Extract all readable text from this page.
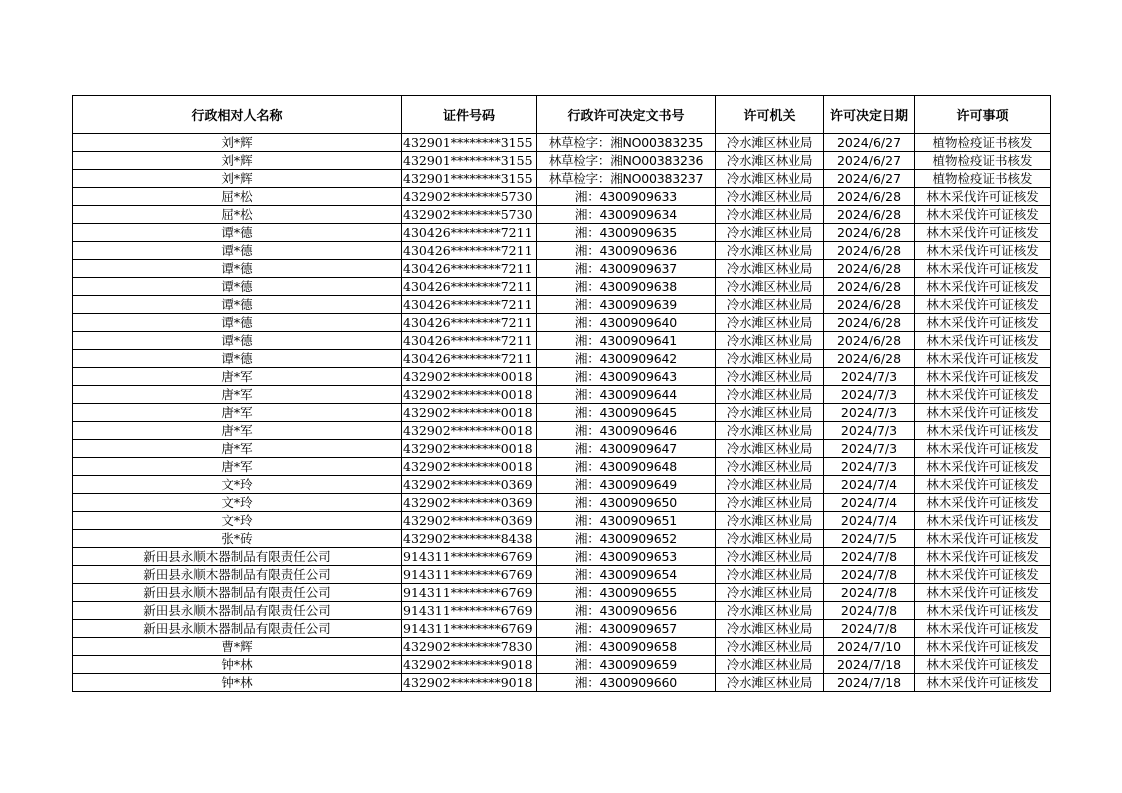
行政相对人名称	证件号码	行政许可决定文书号	许可机关	许可决定日期	许可事项
刘*辉	432901********3155	林草检字：湘NO00383235	冷水滩区林业局	2024/6/27	植物检疫证书核发
刘*辉	432901********3155	林草检字：湘NO00383236	冷水滩区林业局	2024/6/27	植物检疫证书核发
刘*辉	432901********3155	林草检字：湘NO00383237	冷水滩区林业局	2024/6/27	植物检疫证书核发
屈*松	432902********5730	湘：4300909633	冷水滩区林业局	2024/6/28	林木采伐许可证核发
屈*松	432902********5730	湘：4300909634	冷水滩区林业局	2024/6/28	林木采伐许可证核发
谭*德	430426********7211	湘：4300909635	冷水滩区林业局	2024/6/28	林木采伐许可证核发
谭*德	430426********7211	湘：4300909636	冷水滩区林业局	2024/6/28	林木采伐许可证核发
谭*德	430426********7211	湘：4300909637	冷水滩区林业局	2024/6/28	林木采伐许可证核发
谭*德	430426********7211	湘：4300909638	冷水滩区林业局	2024/6/28	林木采伐许可证核发
谭*德	430426********7211	湘：4300909639	冷水滩区林业局	2024/6/28	林木采伐许可证核发
谭*德	430426********7211	湘：4300909640	冷水滩区林业局	2024/6/28	林木采伐许可证核发
谭*德	430426********7211	湘：4300909641	冷水滩区林业局	2024/6/28	林木采伐许可证核发
谭*德	430426********7211	湘：4300909642	冷水滩区林业局	2024/6/28	林木采伐许可证核发
唐*军	432902********0018	湘：4300909643	冷水滩区林业局	2024/7/3	林木采伐许可证核发
唐*军	432902********0018	湘：4300909644	冷水滩区林业局	2024/7/3	林木采伐许可证核发
唐*军	432902********0018	湘：4300909645	冷水滩区林业局	2024/7/3	林木采伐许可证核发
唐*军	432902********0018	湘：4300909646	冷水滩区林业局	2024/7/3	林木采伐许可证核发
唐*军	432902********0018	湘：4300909647	冷水滩区林业局	2024/7/3	林木采伐许可证核发
唐*军	432902********0018	湘：4300909648	冷水滩区林业局	2024/7/3	林木采伐许可证核发
文*玲	432902********0369	湘：4300909649	冷水滩区林业局	2024/7/4	林木采伐许可证核发
文*玲	432902********0369	湘：4300909650	冷水滩区林业局	2024/7/4	林木采伐许可证核发
文*玲	432902********0369	湘：4300909651	冷水滩区林业局	2024/7/4	林木采伐许可证核发
张*砖	432902********8438	湘：4300909652	冷水滩区林业局	2024/7/5	林木采伐许可证核发
新田县永顺木器制品有限责任公司	914311********6769	湘：4300909653	冷水滩区林业局	2024/7/8	林木采伐许可证核发
新田县永顺木器制品有限责任公司	914311********6769	湘：4300909654	冷水滩区林业局	2024/7/8	林木采伐许可证核发
新田县永顺木器制品有限责任公司	914311********6769	湘：4300909655	冷水滩区林业局	2024/7/8	林木采伐许可证核发
新田县永顺木器制品有限责任公司	914311********6769	湘：4300909656	冷水滩区林业局	2024/7/8	林木采伐许可证核发
新田县永顺木器制品有限责任公司	914311********6769	湘：4300909657	冷水滩区林业局	2024/7/8	林木采伐许可证核发
曹*辉	432902********7830	湘：4300909658	冷水滩区林业局	2024/7/10	林木采伐许可证核发
钟*林	432902********9018	湘：4300909659	冷水滩区林业局	2024/7/18	林木采伐许可证核发
钟*林	432902********9018	湘：4300909660	冷水滩区林业局	2024/7/18	林木采伐许可证核发
